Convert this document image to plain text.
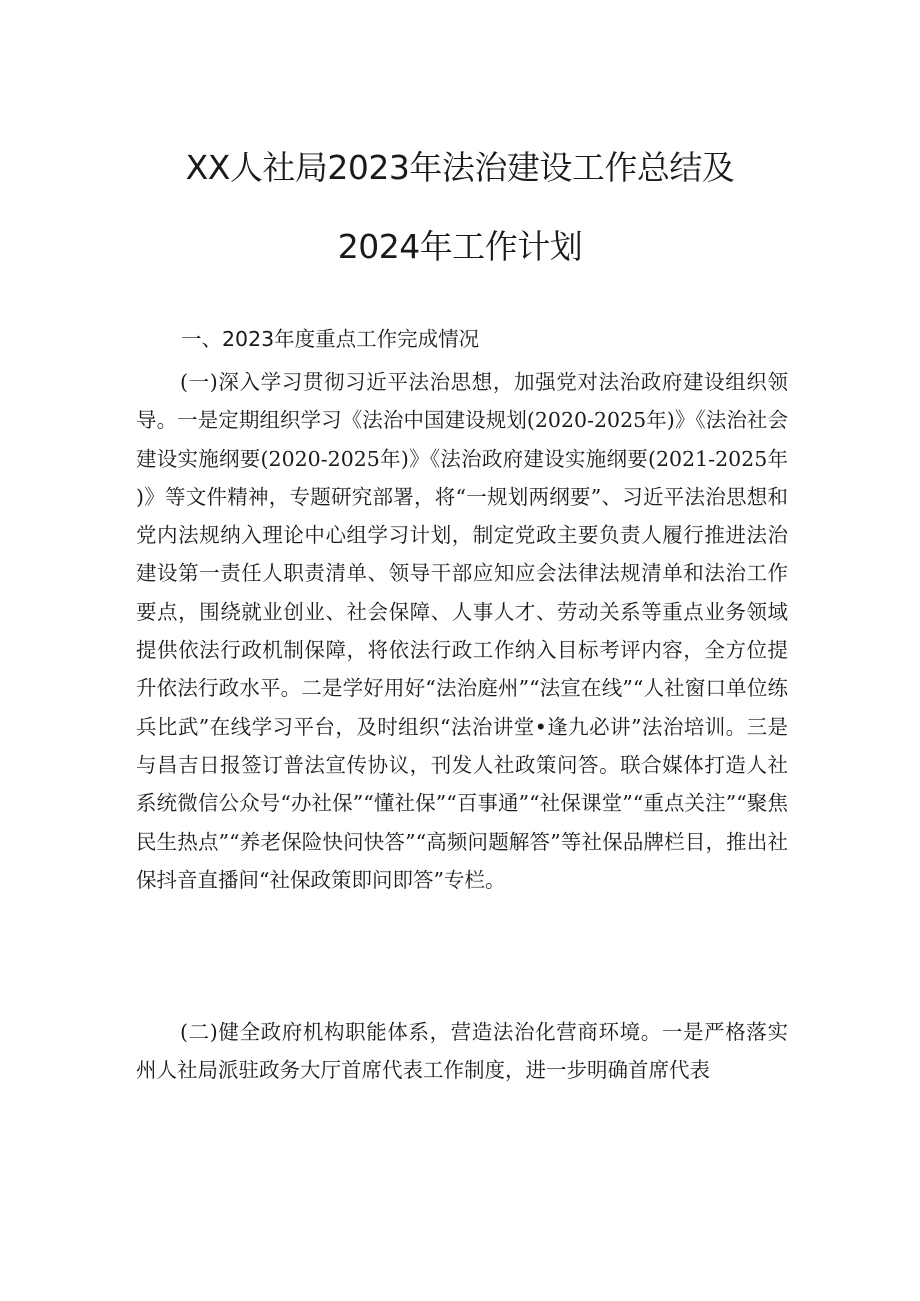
XX人社局2023年法治建设工作总结及
2024年工作计划
一、2023年度重点工作完成情况

(一)深入学习贯彻习近平法治思想，加强党对法治政府建设组织领导。一是定期组织学习《法治中国建设规划(2020-2025年)》《法治社会建设实施纲要(2020-2025年)》《法治政府建设实施纲要(2021-2025年)》等文件精神，专题研究部署，将“一规划两纲要”、习近平法治思想和党内法规纳入理论中心组学习计划，制定党政主要负责人履行推进法治建设第一责任人职责清单、领导干部应知应会法律法规清单和法治工作要点，围绕就业创业、社会保障、人事人才、劳动关系等重点业务领域提供依法行政机制保障，将依法行政工作纳入目标考评内容，全方位提升依法行政水平。二是学好用好“法治庭州”“法宣在线”“人社窗口单位练兵比武”在线学习平台，及时组织“法治讲堂•逢九必讲”法治培训。三是与昌吉日报签订普法宣传协议，刊发人社政策问答。联合媒体打造人社系统微信公众号“办社保”“懂社保”“百事通”“社保课堂”“重点关注”“聚焦民生热点”“养老保险快问快答”“高频问题解答”等社保品牌栏目，推出社保抖音直播间“社保政策即问即答”专栏。

(二)健全政府机构职能体系，营造法治化营商环境。一是严格落实州人社局派驻政务大厅首席代表工作制度，进一步明确首席代表
